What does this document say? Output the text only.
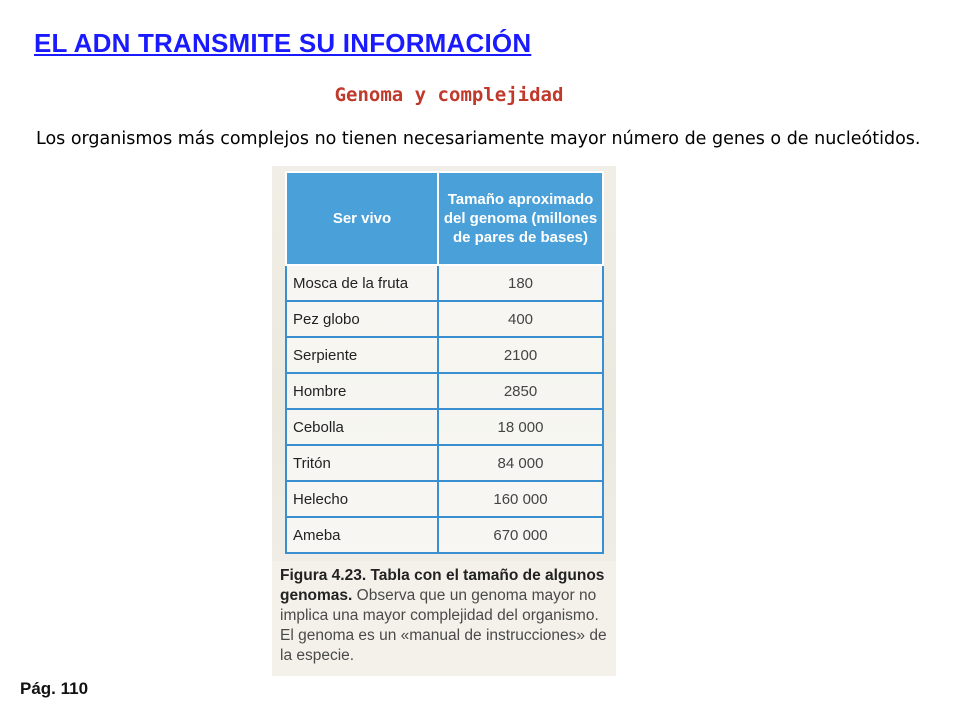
EL ADN TRANSMITE SU INFORMACIÓN
Genoma y complejidad
Los organismos más complejos no tienen necesariamente mayor número de genes o de nucleótidos.
Ser vivo	Tamaño aproximado del genoma (millones de pares de bases)
Mosca de la fruta	180
Pez globo	400
Serpiente	2100
Hombre	2850
Cebolla	18 000
Tritón	84 000
Helecho	160 000
Ameba	670 000
Figura 4.23. Tabla con el tamaño de algunos genomas. Observa que un genoma mayor no implica una mayor complejidad del organismo. El genoma es un «manual de instrucciones» de la especie.
Pág. 110
